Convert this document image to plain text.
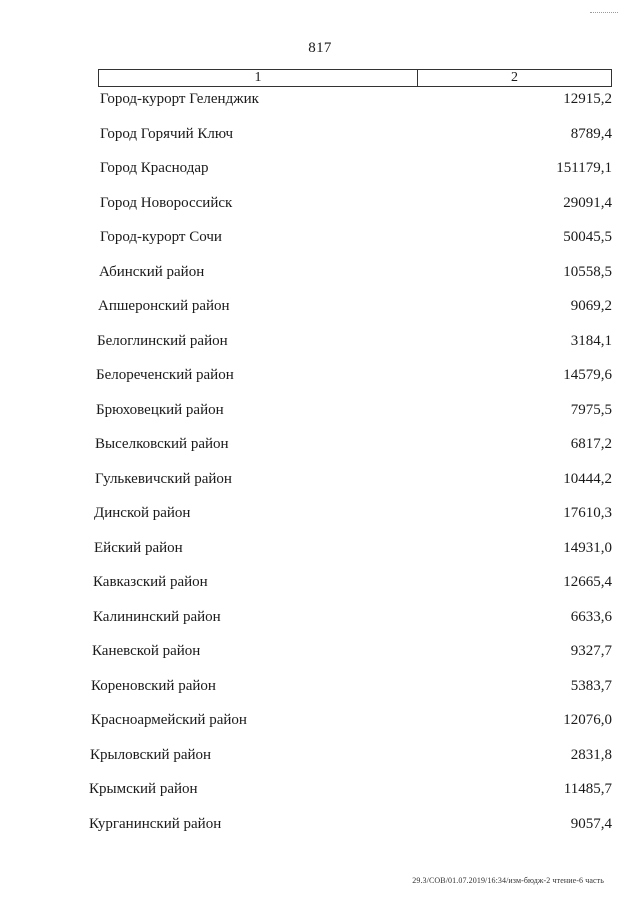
817
1	2
Город-курорт Геленджик	12915,2
Город Горячий Ключ	8789,4
Город Краснодар	151179,1
Город Новороссийск	29091,4
Город-курорт Сочи	50045,5
Абинский район	10558,5
Апшеронский район	9069,2
Белоглинский район	3184,1
Белореченский район	14579,6
Брюховецкий район	7975,5
Выселковский район	6817,2
Гулькевичский район	10444,2
Динской район	17610,3
Ейский район	14931,0
Кавказский район	12665,4
Калининский район	6633,6
Каневской район	9327,7
Кореновский район	5383,7
Красноармейский район	12076,0
Крыловский район	2831,8
Крымский район	11485,7
Курганинский район	9057,4
29.3/СОВ/01.07.2019/16:34/изм-бюдж-2 чтение-6 часть
